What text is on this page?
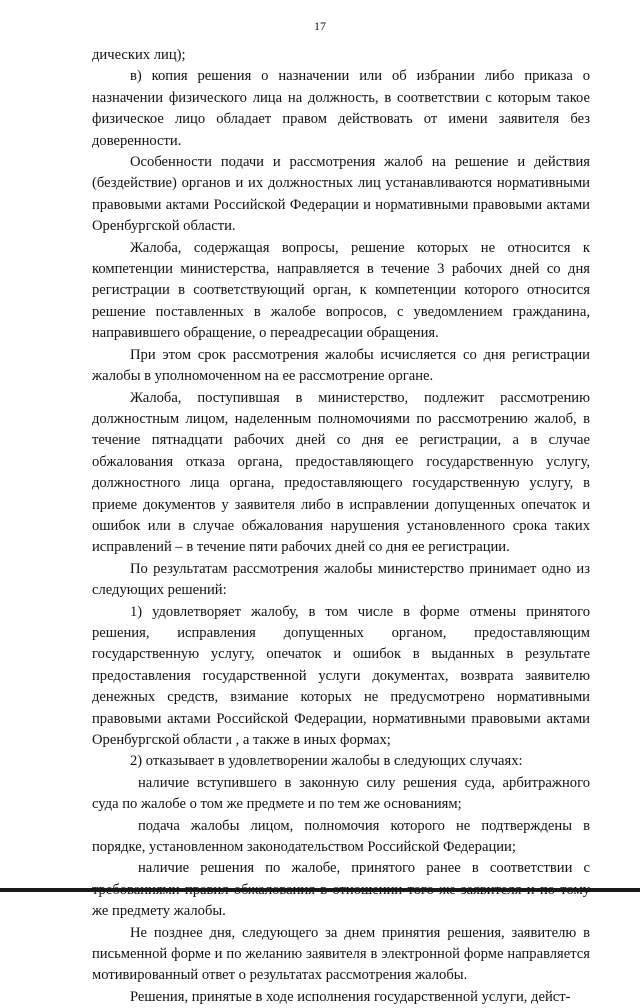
17

дических лиц);

в) копия решения о назначении или об избрании либо приказа о назначении физического лица на должность, в соответствии с которым такое физическое лицо обладает правом действовать от имени заявителя без доверенности.

Особенности подачи и рассмотрения жалоб на решение и действия (бездействие) органов и их должностных лиц устанавливаются нормативными правовыми актами Российской Федерации и нормативными правовыми актами Оренбургской области.

Жалоба, содержащая вопросы, решение которых не относится к компетенции министерства, направляется в течение 3 рабочих дней со дня регистрации в соответствующий орган, к компетенции которого относится решение поставленных в жалобе вопросов, с уведомлением гражданина, направившего обращение, о переадресации обращения.

При этом срок рассмотрения жалобы исчисляется со дня регистрации жалобы в уполномоченном на ее рассмотрение органе.

Жалоба, поступившая в министерство, подлежит рассмотрению должностным лицом, наделенным полномочиями по рассмотрению жалоб, в течение пятнадцати рабочих дней со дня ее регистрации, а в случае обжалования отказа органа, предоставляющего государственную услугу, должностного лица органа, предоставляющего государственную услугу, в приеме документов у заявителя либо в исправлении допущенных опечаток и ошибок или в случае обжалования нарушения установленного срока таких исправлений – в течение пяти рабочих дней со дня ее регистрации.

По результатам рассмотрения жалобы министерство принимает одно из следующих решений:

1) удовлетворяет жалобу, в том числе в форме отмены принятого решения, исправления допущенных органом, предоставляющим государственную услугу, опечаток и ошибок в выданных в результате предоставления государственной услуги документах, возврата заявителю денежных средств, взимание которых не предусмотрено нормативными правовыми актами Российской Федерации, нормативными правовыми актами Оренбургской области , а также в иных формах;

2) отказывает в удовлетворении жалобы в следующих случаях:

наличие вступившего в законную силу решения суда, арбитражного суда по жалобе о том же предмете и по тем же основаниям;

подача жалобы лицом, полномочия которого не подтверждены в порядке, установленном законодательством Российской Федерации;

наличие решения по жалобе, принятого ранее в соответствии с же предмету жалобы.

Не позднее дня, следующего за днем принятия решения, заявителю в письменной форме и по желанию заявителя в электронной форме направляется мотивированный ответ о результатах рассмотрения жалобы.

Решения, принятые в ходе исполнения государственной услуги, дейст-
